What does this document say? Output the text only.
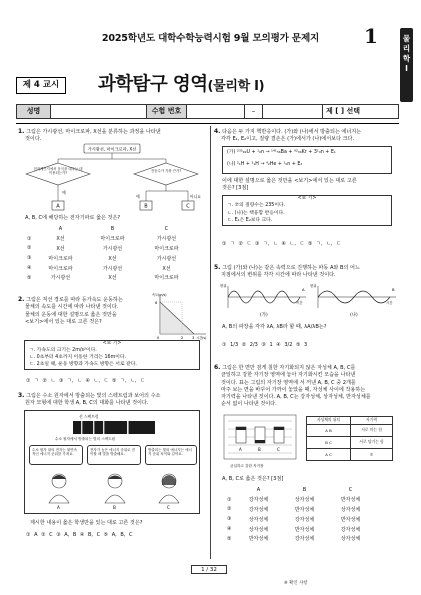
2025학년도 대학수학능력시험 9월 모의평가 문제지	1	물
리
학
Ⅰ
제 4 교시	과학탐구 영역(물리학 Ⅰ)
성명	수험 번호	–	제 [ ] 선택
1. 그림은 가시광선, 마이크로파, X선을 분류하는 과정을 나타낸
것이다.
가시광선, 마이크로파, X선
전자레인지에서 음식을 데우는 데 이용되는가?
진동수가 가장 큰가?
예
예	아니요
A	B	C
A, B, C에 해당하는 전자기파로 옳은 것은?
	A	B	C
①	X선	마이크로파	가시광선
②	X선	가시광선	마이크로파
③	마이크로파	X선	가시광선
④	마이크로파	가시광선	X선
⑤	가시광선	X선	마이크로파
2. 그림은 직선 경로를 따라 등가속도 운동하는
물체의 속도를 시간에 따라 나타낸 것이다.
물체의 운동에 대한 설명으로 옳은 것만을
<보기>에서 있는 대로 고른 것은?
속도(m/s)
시간(s)
6
0	2 3
<보 기>
ㄱ. 가속도의 크기는 2m/s²이다.
ㄴ. 0초부터 4초까지 이동한 거리는 16m이다.
ㄷ. 2초일 때, 운동 방향과 가속도 방향은 서로 같다.
① ㄱ ② ㄴ ③ ㄱ, ㄴ ④ ㄴ, ㄷ ⑤ ㄱ, ㄴ, ㄷ
3. 그림은 수소 원자에서 방출되는 빛의 스펙트럼과 보어의 수소
원자 모형에 대한 학생 A, B, C의 대화를 나타낸 것이다.
선 스펙트럼
수소 원자에서 방출되는 빛의 스펙트럼
수소 원자 내의 전자는 불연속적인 에너지 준위를 가져요.
전자가 높은 에너지 준위로 전이할 때 빛을 방출해요.
방출되는 빛의 에너지는 에너지 준위 차이와 같아요.
A	B	C
제시한 내용이 옳은 학생만을 있는 대로 고른 것은?
① A ② C ③ A, B ④ B, C ⑤ A, B, C
4. 다음은 두 가지 핵반응이다. (가)와 (나)에서 방출되는 에너지는
각각 E₁, E₂이고, 질량 결손은 (가)에서가 (나)에서보다 크다.
(가) ²³⁵₉₂U + ¹₀n → ¹⁴¹₅₆Ba + ⁹²₃₆Kr + 3¹₀n + E₁
(나) ²₁H + ³₁H → ⁴₂He + ¹₀n + E₂
이에 대한 설명으로 옳은 것만을 <보기>에서 있는 대로 고른
것은? [3점]
<보 기>
ㄱ. ⑦의 질량수는 235이다.
ㄴ. (나)는 핵융합 반응이다.
ㄷ. E₁은 E₂보다 크다.
① ㄱ ② ㄷ ③ ㄱ, ㄴ ④ ㄴ, ㄷ ⑤ ㄱ, ㄴ, ㄷ
5. 그림 (가)와 (나)는 같은 속력으로 진행하는 파동 A와 B의 어느
지점에서의 변위를 각각 시간에 따라 나타낸 것이다.
변위
시간
(가)
변위
시간
(나)
A	B
A, B의 파장을 각각 λA, λB라 할 때, λA/λB는?
① 1/3 ② 2/3 ③ 1 ④ 3/2 ⑤ 3
6. 그림은 한 면만 검게 칠한 자기화되지 않은 자성체 A, B, C를
균일하고 강한 자기장 영역에 놓아 자기화시킨 모습을 나타낸
것이다. 표는 그림의 자기장 영역에 서 꺼낸 A, B, C 중 2개를
마주 보는 면을 바꾸어 가까이 놓았을 때, 자성체 사이에 작용하는
자기력을 나타낸 것이다. A, B, C는 강자성체, 상자성체, 반자성체를
순서 없이 나타낸 것이다.
A	B	C
균일하고 강한 자기장
자성체의 위치	자기력
A B	서로 미는 힘
B C	서로 당기는 힘
A C	⑦
A, B, C로 옳은 것은? [3점]
	A	B	C
①	강자성체	상자성체	반자성체
②	강자성체	반자성체	상자성체
③	상자성체	강자성체	반자성체
④	상자성체	반자성체	강자성체
⑤	반자성체	강자성체	상자성체
1 / 32
※ 확인 사항
